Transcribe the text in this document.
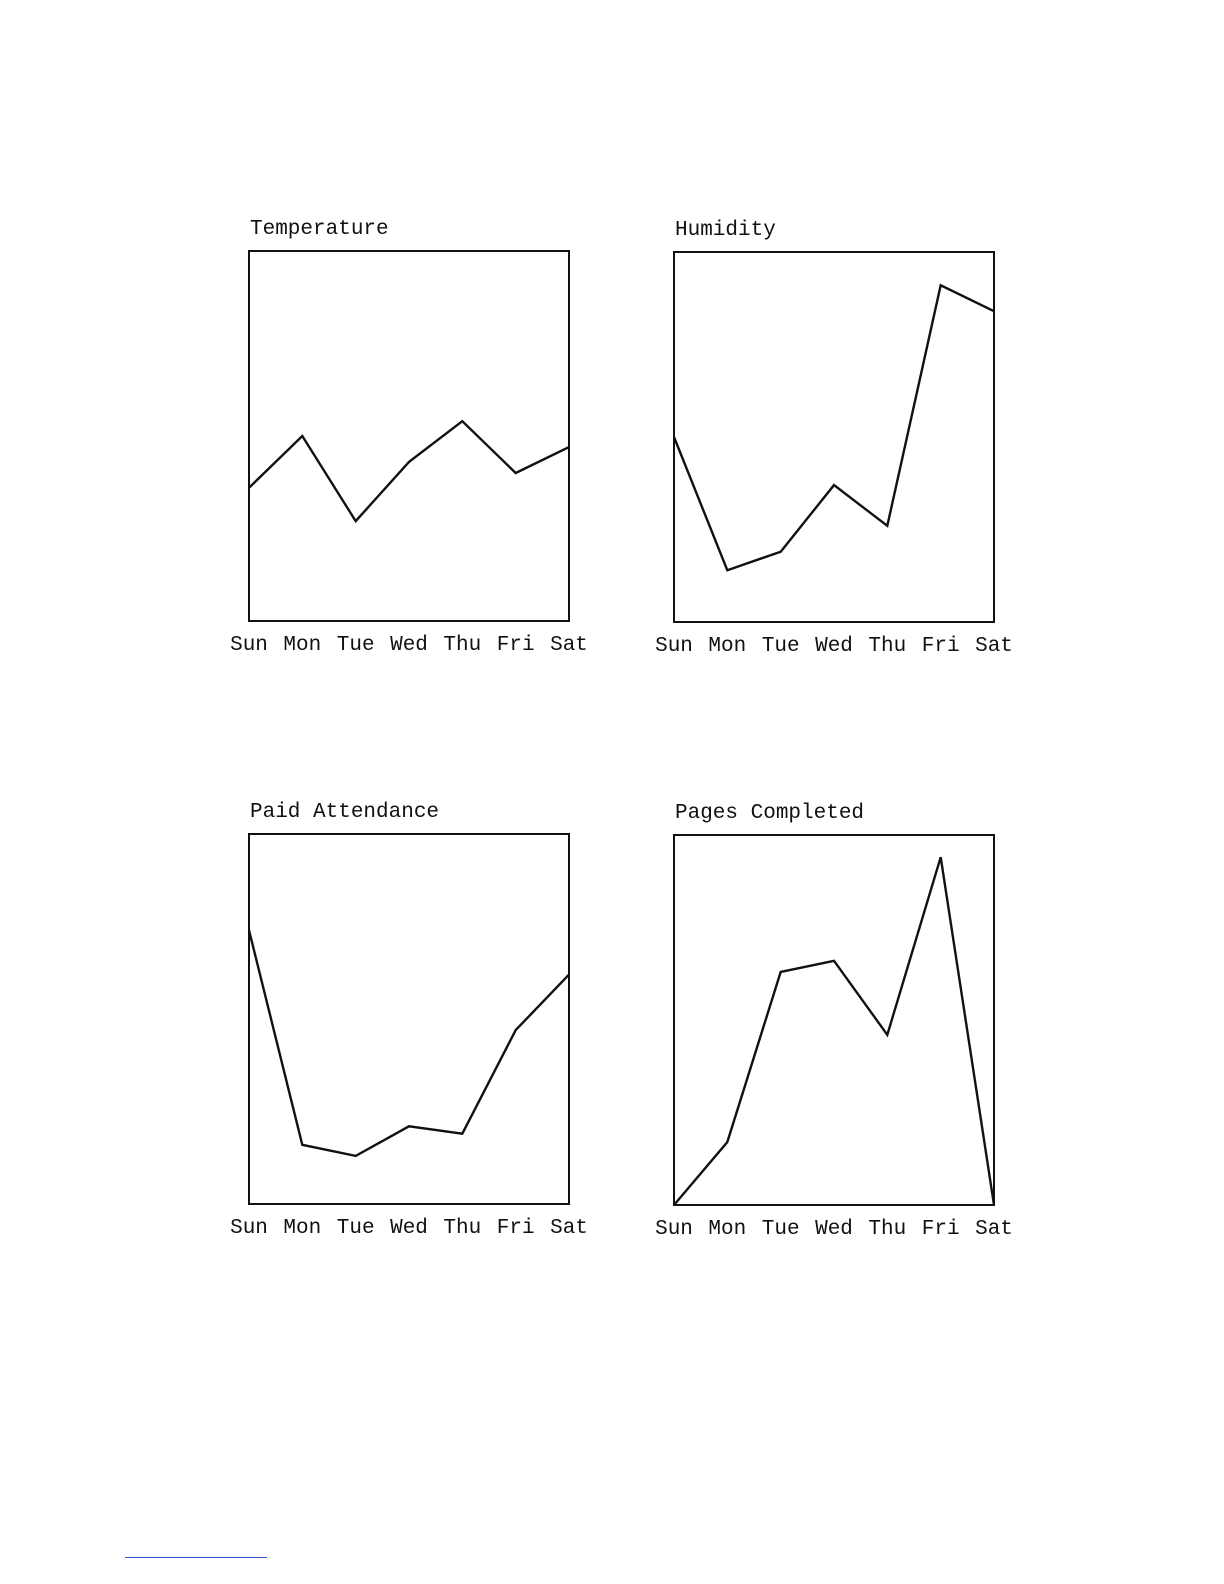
Temperature
Sun Mon Tue Wed Thu Fri Sat
Humidity
Sun Mon Tue Wed Thu Fri Sat
Paid Attendance
Sun Mon Tue Wed Thu Fri Sat
Pages Completed
Sun Mon Tue Wed Thu Fri Sat
